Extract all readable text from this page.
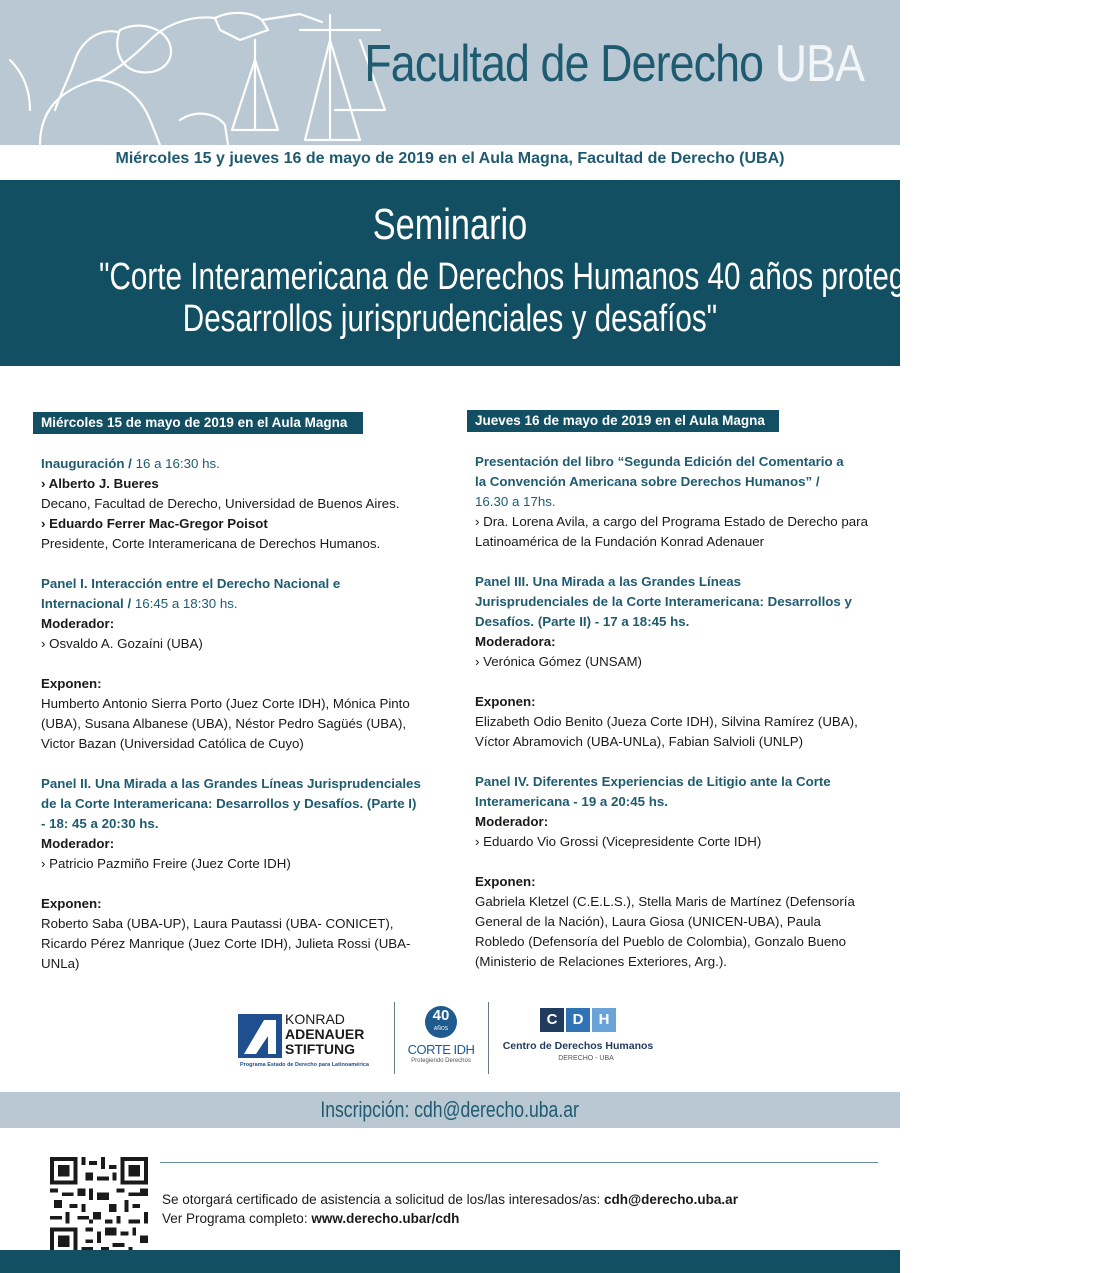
Facultad de Derecho UBA
Miércoles 15 y jueves 16 de mayo de 2019 en el Aula Magna, Facultad de Derecho (UBA)
Seminario
"Corte Interamericana de Derechos Humanos 40 años protegiendo derechos.
Desarrollos jurisprudenciales y desafíos"
Miércoles 15 de mayo de 2019 en el Aula Magna
Inauguración / 16 a 16:30 hs.
› Alberto J. Bueres
Decano, Facultad de Derecho, Universidad de Buenos Aires.
› Eduardo Ferrer Mac-Gregor Poisot
Presidente, Corte Interamericana de Derechos Humanos.
Panel I. Interacción entre el Derecho Nacional e
Internacional / 16:45 a 18:30 hs.
Moderador:
› Osvaldo A. Gozaíni (UBA)
Exponen:
Humberto Antonio Sierra Porto (Juez Corte IDH), Mónica Pinto (UBA), Susana Albanese (UBA), Néstor Pedro Sagüés (UBA), Victor Bazan (Universidad Católica de Cuyo)
Panel II. Una Mirada a las Grandes Líneas Jurisprudenciales
de la Corte Interamericana: Desarrollos y Desafíos. (Parte I)
- 18: 45 a 20:30 hs.
Moderador:
› Patricio Pazmiño Freire (Juez Corte IDH)
Exponen:
Roberto Saba (UBA-UP), Laura Pautassi (UBA- CONICET), Ricardo Pérez Manrique (Juez Corte IDH), Julieta Rossi (UBA-UNLa)
Jueves 16 de mayo de 2019 en el Aula Magna
Presentación del libro “Segunda Edición del Comentario a
la Convención Americana sobre Derechos Humanos” /
16.30 a 17hs.
› Dra. Lorena Avila, a cargo del Programa Estado de Derecho para Latinoamérica de la Fundación Konrad Adenauer
Panel III. Una Mirada a las Grandes Líneas
Jurisprudenciales de la Corte Interamericana: Desarrollos y
Desafíos. (Parte II) - 17 a 18:45 hs.
Moderadora:
› Verónica Gómez (UNSAM)
Exponen:
Elizabeth Odio Benito (Jueza Corte IDH), Silvina Ramírez (UBA), Víctor Abramovich (UBA-UNLa), Fabian Salvioli (UNLP)
Panel IV. Diferentes Experiencias de Litigio ante la Corte
Interamericana - 19 a 20:45 hs.
Moderador:
› Eduardo Vio Grossi (Vicepresidente Corte IDH)
Exponen:
Gabriela Kletzel (C.E.L.S.), Stella Maris de Martínez (Defensoría General de la Nación), Laura Giosa (UNICEN-UBA), Paula Robledo (Defensoría del Pueblo de Colombia), Gonzalo Bueno (Ministerio de Relaciones Exteriores, Arg.).
KONRAD
ADENAUER
STIFTUNG
Programa Estado de Derecho para Latinoamérica
40
AÑOS
CORTE IDH
Protegiendo Derechos
C D H
Centro de Derechos Humanos
DERECHO - UBA
Inscripción: cdh@derecho.uba.ar
Se otorgará certificado de asistencia a solicitud de los/las interesados/as: cdh@derecho.uba.ar
Ver Programa completo: www.derecho.ubar/cdh
